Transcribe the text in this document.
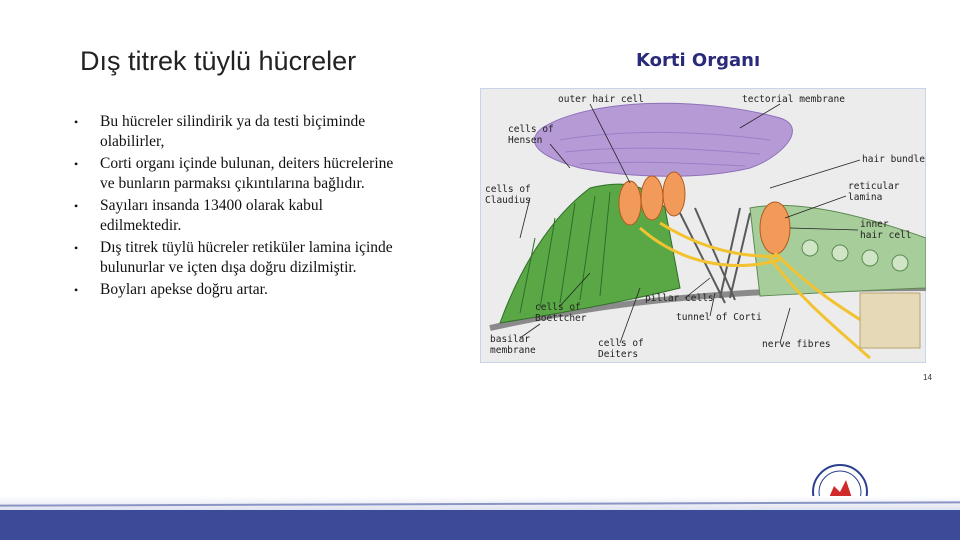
Dış titrek tüylü hücreler
• Bu hücreler silindirik ya da testi biçiminde olabilirler,
• Corti organı içinde bulunan, deiters hücrelerine ve bunların parmaksı çıkıntılarına bağlıdır.
• Sayıları insanda 13400 olarak kabul edilmektedir.
• Dış titrek tüylü hücreler retiküler lamina içinde bulunurlar ve içten dışa doğru dizilmiştir.
• Boyları apekse doğru artar.
Korti Organı
outer hair cell	tectorial membrane
cells of
Hensen
hair bundle
cells of
Claudius
reticular
lamina
inner
hair cell
cells of
Boettcher
pillar cells
tunnel of Corti
basilar
membrane
cells of
Deiters
nerve fibres
14
